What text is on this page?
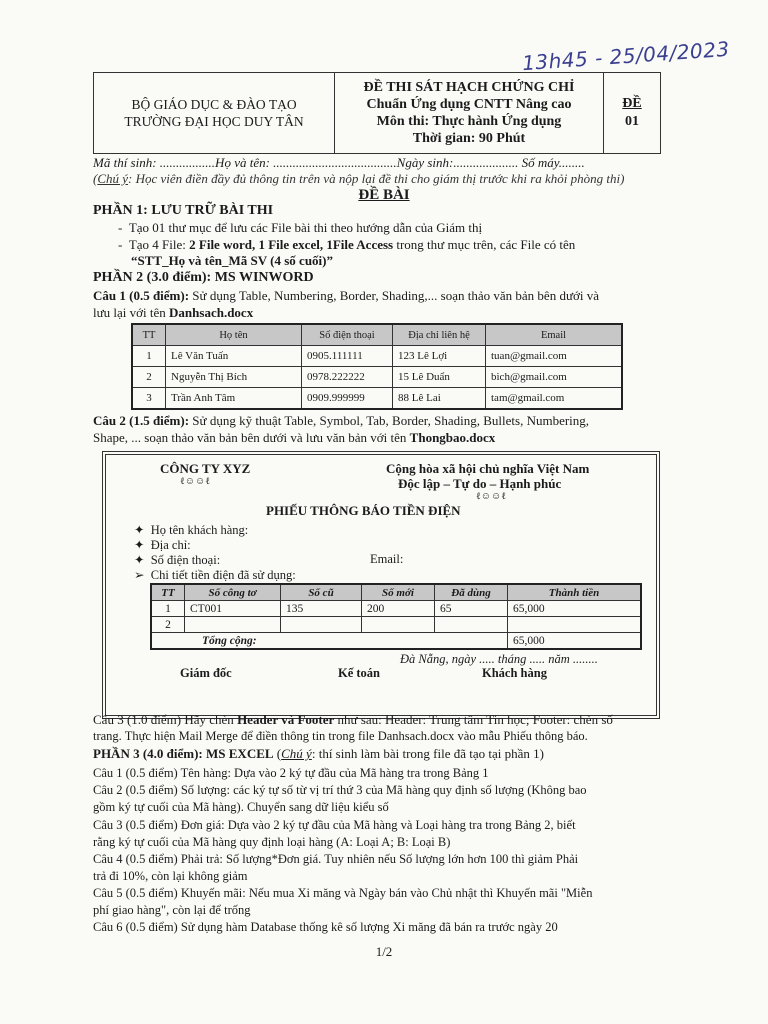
13h45 - 25/04/2023
BỘ GIÁO DỤC & ĐÀO TẠO
TRƯỜNG ĐẠI HỌC DUY TÂN
ĐỀ THI SÁT HẠCH CHỨNG CHỈ
Chuẩn Ứng dụng CNTT Nâng cao
Môn thi: Thực hành Ứng dụng
Thời gian: 90 Phút
ĐỀ
01
Mã thí sinh: .................Họ và tên: ......................................Ngày sinh:.................... Số máy........
(Chú ý: Học viên điền đầy đủ thông tin trên và nộp lại đề thi cho giám thị trước khi ra khỏi phòng thi)
ĐỀ BÀI
PHẦN 1: LƯU TRỮ BÀI THI
-  Tạo 01 thư mục để lưu các File bài thi theo hướng dẫn của Giám thị
-  Tạo 4 File: 2 File word, 1 File excel, 1File Access trong thư mục trên, các File có tên
“STT_Họ và tên_Mã SV (4 số cuối)”
PHẦN 2 (3.0 điểm): MS WINWORD
Câu 1 (0.5 điểm): Sử dụng Table, Numbering, Border, Shading,... soạn thảo văn bản bên dưới và
lưu lại với tên Danhsach.docx
TT	Họ tên	Số điện thoại	Địa chỉ liên hệ	Email
1	Lê Văn Tuấn	0905.111111	123 Lê Lợi	tuan@gmail.com
2	Nguyễn Thị Bích	0978.222222	15 Lê Duẩn	bich@gmail.com
3	Trần Anh Tâm	0909.999999	88 Lê Lai	tam@gmail.com
Câu 2 (1.5 điểm): Sử dụng kỹ thuật Table, Symbol, Tab, Border, Shading, Bullets, Numbering,
Shape, ... soạn thảo văn bản bên dưới và lưu văn bản với tên Thongbao.docx
CÔNG TY XYZ
ℓ☺☺ℓ
Cộng hòa xã hội chủ nghĩa Việt Nam
Độc lập – Tự do – Hạnh phúc
ℓ☺☺ℓ
PHIẾU THÔNG BÁO TIỀN ĐIỆN
✦ Họ tên khách hàng:
✦ Địa chỉ:
✦ Số điện thoại:	Email:
➢ Chi tiết tiền điện đã sử dụng:
TT	Số công tơ	Số cũ	Số mới	Đã dùng	Thành tiền
1	CT001	135	200	65	65,000
2					
Tổng cộng:					65,000
Đà Nẵng, ngày ..... tháng ..... năm ........
Giám đốc	Kế toán	Khách hàng
Câu 3 (1.0 điểm) Hãy chèn Header và Footer như sau: Header: Trung tâm Tin học; Footer: chèn số
trang. Thực hiện Mail Merge để điền thông tin trong file Danhsach.docx vào mẫu Phiếu thông báo.
PHẦN 3 (4.0 điểm): MS EXCEL (Chú ý: thí sinh làm bài trong file đã tạo tại phần 1)
Câu 1 (0.5 điểm) Tên hàng: Dựa vào 2 ký tự đầu của Mã hàng tra trong Bảng 1
Câu 2 (0.5 điểm) Số lượng: các ký tự số từ vị trí thứ 3 của Mã hàng quy định số lượng (Không bao
gồm ký tự cuối của Mã hàng). Chuyển sang dữ liệu kiểu số
Câu 3 (0.5 điểm) Đơn giá: Dựa vào 2 ký tự đầu của Mã hàng và Loại hàng tra trong Bảng 2, biết
rằng ký tự cuối của Mã hàng quy định loại hàng (A: Loại A; B: Loại B)
Câu 4 (0.5 điểm) Phải trả: Số lượng*Đơn giá. Tuy nhiên nếu Số lượng lớn hơn 100 thì giảm Phải
trả đi 10%, còn lại không giảm
Câu 5 (0.5 điểm) Khuyến mãi: Nếu mua Xi măng và Ngày bán vào Chủ nhật thì Khuyến mãi "Miễn
phí giao hàng", còn lại để trống
Câu 6 (0.5 điểm) Sử dụng hàm Database thống kê số lượng Xi măng đã bán ra trước ngày 20
1/2
